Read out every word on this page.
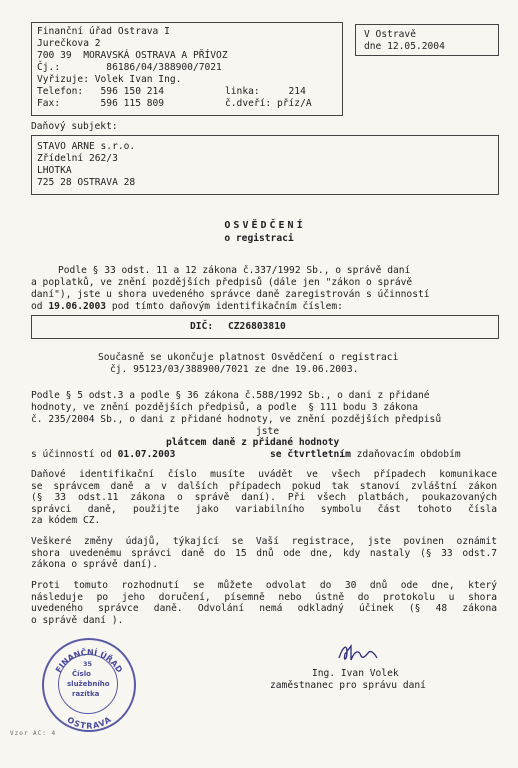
Finanční úřad Ostrava I
Jurečkova 2
700 39  MORAVSKÁ OSTRAVA A PŘÍVOZ
Čj.:        86186/04/388900/7021
Vyřizuje: Volek Ivan Ing.
Telefon:   596 150 214
Fax:       596 115 809
linka:     214
č.dveří: příz/A
V Ostravě
dne 12.05.2004
Daňový subjekt:
STAVO ARNE s.r.o.
Zřídelní 262/3
LHOTKA
725 28 OSTRAVA 28
OSVĚDČENÍ
o registraci
Podle § 33 odst. 11 a 12 zákona č.337/1992 Sb., o správě daní
a poplatků, ve znění pozdějších předpisů (dále jen "zákon o správě
daní"), jste u shora uvedeného správce daně zaregistrován s účinností
od 19.06.2003 pod tímto daňovým identifikačním číslem:
DIČ: CZ26803810
Současně se ukončuje platnost Osvědčení o registraci
čj. 95123/03/388900/7021 ze dne 19.06.2003.
Podle § 5 odst.3 a podle § 36 zákona č.588/1992 Sb., o dani z přidané
hodnoty, ve znění pozdějších předpisů, a podle  § 111 bodu 3 zákona
č. 235/2004 Sb., o dani z přidané hodnoty, ve znění pozdějších předpisů
jste
plátcem daně z přidané hodnoty
s účinností od 01.07.2003	se čtvrtletním zdaňovacím obdobím
Daňové identifikační číslo musíte uvádět ve všech případech komunikace
se správcem daně a v dalších případech pokud tak stanoví zvláštní zákon
(§ 33 odst.11 zákona o správě daní). Při všech platbách, poukazovaných
správci daně, použijte jako variabilního symbolu část tohoto čísla
za kódem CZ.
Veškeré změny údajů, týkající se Vaší registrace, jste povinen oznámit
shora uvedenému správci daně do 15 dnů ode dne, kdy nastaly (§ 33 odst.7
zákona o správě daní).
Proti tomuto rozhodnutí se můžete odvolat do 30 dnů ode dne, který
následuje po jeho doručení, písemně nebo ústně do protokolu u shora
uvedeného správce daně. Odvolání nemá odkladný účinek (§ 48 zákona
o správě daní ).
FINANČNÍ ÚŘAD
OSTRAVA
35
Číslo
služebního
razítka
Ing. Ivan Volek
zaměstnanec pro správu daní
Vzor AC: 4
